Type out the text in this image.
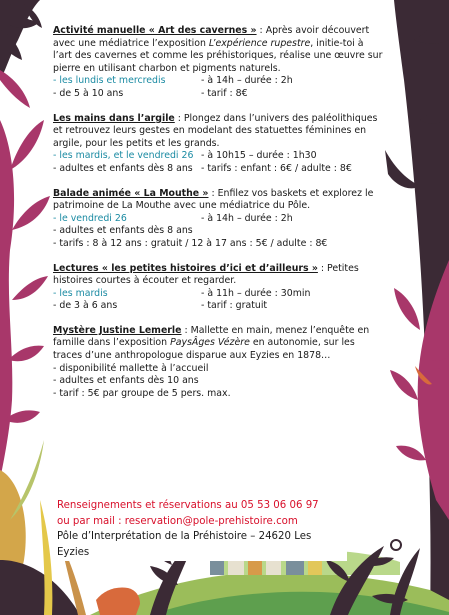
Activité manuelle « Art des cavernes » : Après avoir découvert avec une médiatrice l’exposition L’expérience rupestre, initie-toi à l’art des cavernes et comme les préhistoriques, réalise une œuvre sur pierre en utilisant charbon et pigments naturels.
- les lundis et mercredis	- à 14h – durée : 2h
- de 5 à 10 ans	- tarif : 8€
Les mains dans l’argile : Plongez dans l’univers des paléolithiques et retrouvez leurs gestes en modelant des statuettes féminines en argile, pour les petits et les grands.
- les mardis, et le vendredi 26 - à 10h15 – durée : 1h30
- adultes et enfants dès 8 ans - tarifs : enfant : 6€ / adulte : 8€
Balade animée « La Mouthe » : Enfilez vos baskets et explorez le patrimoine de La Mouthe avec une médiatrice du Pôle.
- le vendredi 26	- à 14h – durée : 2h
- adultes et enfants dès 8 ans
- tarifs : 8 à 12 ans : gratuit / 12 à 17 ans : 5€ / adulte : 8€
Lectures « les petites histoires d’ici et d’ailleurs » : Petites histoires courtes à écouter et regarder.
- les mardis	- à 11h – durée : 30min
- de 3 à 6 ans	- tarif : gratuit
Mystère Justine Lemerle : Mallette en main, menez l’enquête en famille dans l’exposition PaysÂges Vézère en autonomie, sur les traces d’une anthropologue disparue aux Eyzies en 1878…
- disponibilité mallette à l’accueil
- adultes et enfants dès 10 ans
- tarif : 5€ par groupe de 5 pers. max.
Renseignements et réservations au 05 53 06 06 97
ou par mail : reservation@pole-prehistoire.com
Pôle d’Interprétation de la Préhistoire – 24620 Les Eyzies
